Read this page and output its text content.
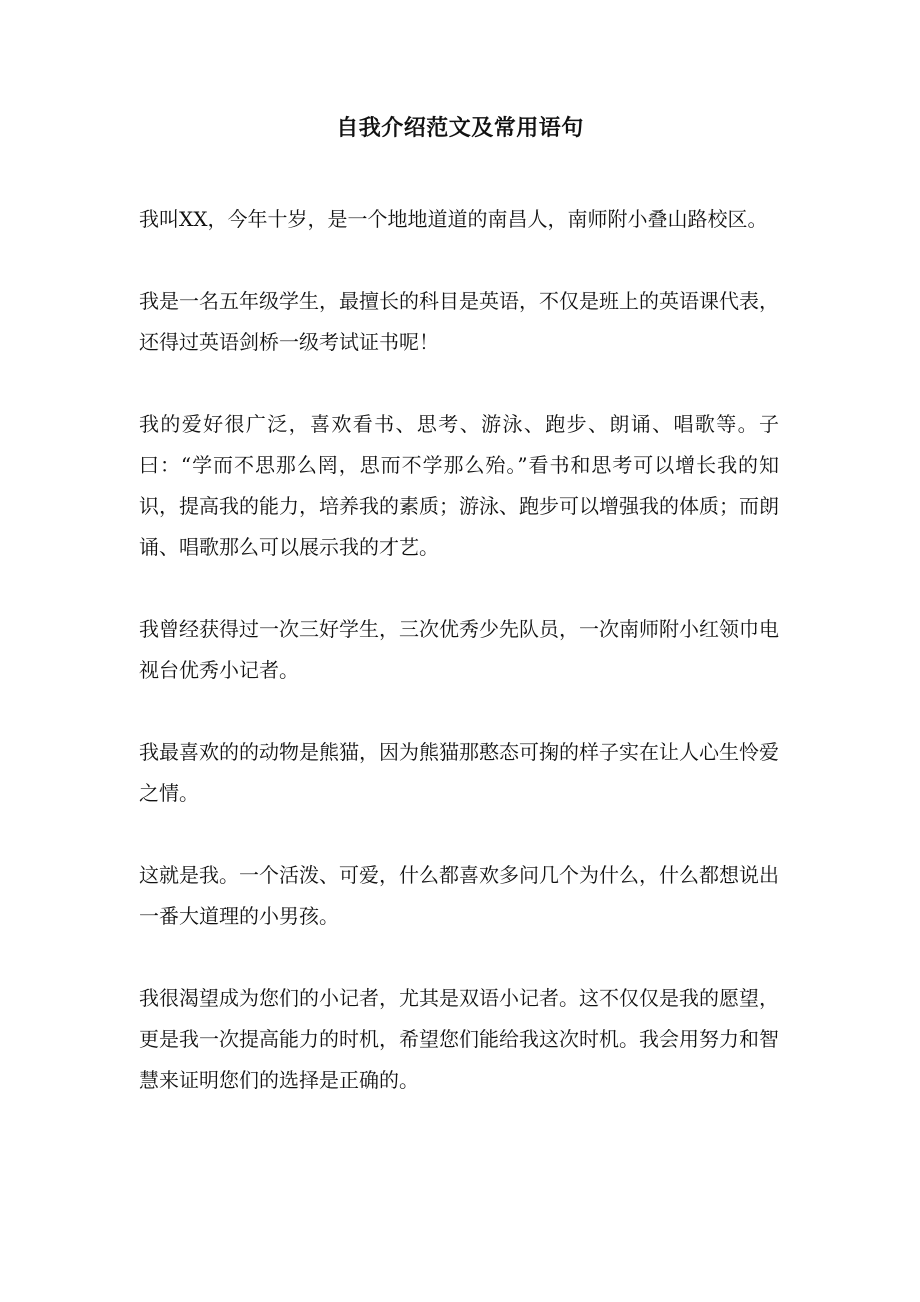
自我介绍范文及常用语句

我叫XX，今年十岁，是一个地地道道的南昌人，南师附小叠山路校区。

我是一名五年级学生，最擅长的科目是英语，不仅是班上的英语课代表，还得过英语剑桥一级考试证书呢！

我的爱好很广泛，喜欢看书、思考、游泳、跑步、朗诵、唱歌等。子曰：“学而不思那么罔，思而不学那么殆。”看书和思考可以增长我的知识，提高我的能力，培养我的素质；游泳、跑步可以增强我的体质；而朗诵、唱歌那么可以展示我的才艺。

我曾经获得过一次三好学生，三次优秀少先队员，一次南师附小红领巾电视台优秀小记者。

我最喜欢的的动物是熊猫，因为熊猫那憨态可掬的样子实在让人心生怜爱之情。

这就是我。一个活泼、可爱，什么都喜欢多问几个为什么，什么都想说出一番大道理的小男孩。

我很渴望成为您们的小记者，尤其是双语小记者。这不仅仅是我的愿望，更是我一次提高能力的时机，希望您们能给我这次时机。我会用努力和智慧来证明您们的选择是正确的。
